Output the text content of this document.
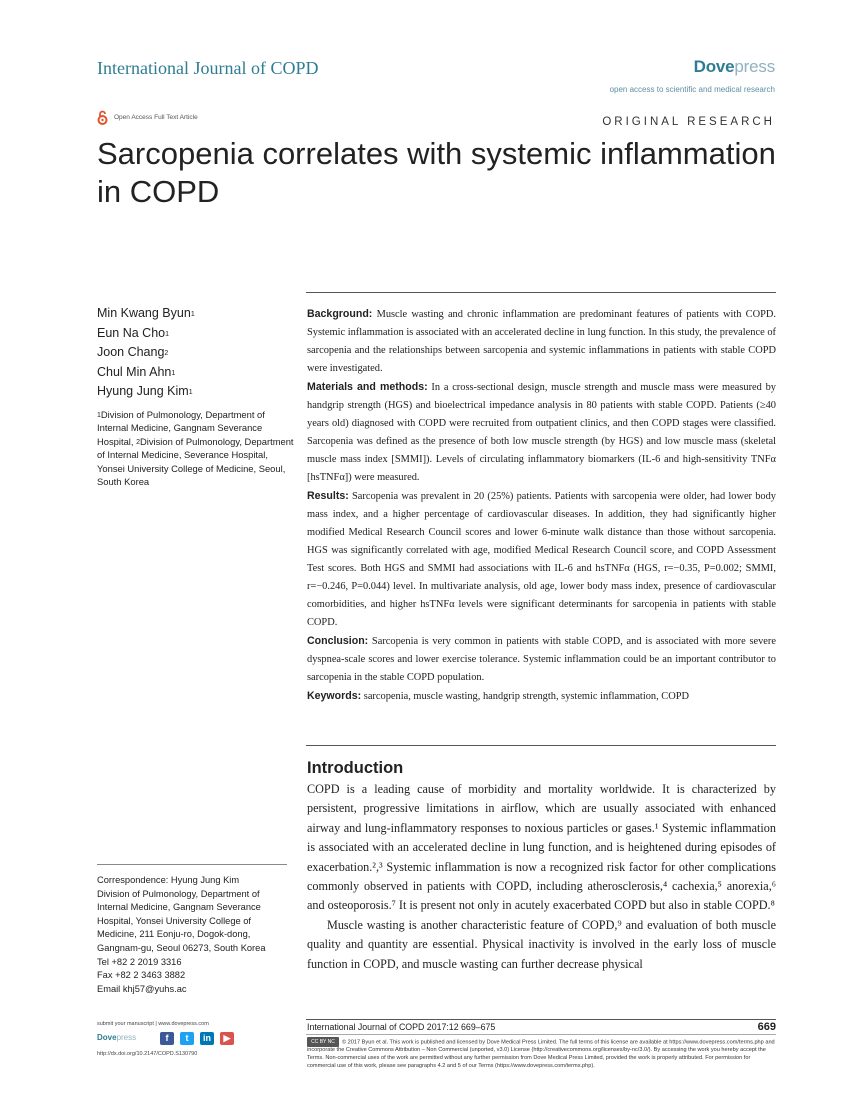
International Journal of COPD	Dovepress
open access to scientific and medical research
Open Access Full Text Article	ORIGINAL RESEARCH
Sarcopenia correlates with systemic inflammation in COPD
Min Kwang Byun$^1$
Eun Na Cho$^1$
Joon Chang$^2$
Chul Min Ahn$^1$
Hyung Jung Kim$^1$
$^1$Division of Pulmonology, Department of Internal Medicine, Gangnam Severance Hospital, $^2$Division of Pulmonology, Department of Internal Medicine, Severance Hospital, Yonsei University College of Medicine, Seoul, South Korea
Correspondence: Hyung Jung Kim
Division of Pulmonology, Department of
Internal Medicine, Gangnam Severance
Hospital, Yonsei University College of
Medicine, 211 Eonju-ro, Dogok-dong,
Gangnam-gu, Seoul 06273, South Korea
Tel +82 2 2019 3316
Fax +82 2 3463 3882
Email khj57@yuhs.ac

Background: Muscle wasting and chronic inflammation are predominant features of patients with COPD. Systemic inflammation is associated with an accelerated decline in lung function. In this study, the prevalence of sarcopenia and the relationships between sarcopenia and systemic inflammations in patients with stable COPD were investigated.

Materials and methods: In a cross-sectional design, muscle strength and muscle mass were measured by handgrip strength (HGS) and bioelectrical impedance analysis in 80 patients with stable COPD. Patients (≥40 years old) diagnosed with COPD were recruited from outpatient clinics, and then COPD stages were classified. Sarcopenia was defined as the presence of both low muscle strength (by HGS) and low muscle mass (skeletal muscle mass index [SMMI]). Levels of circulating inflammatory biomarkers (IL-6 and high-sensitivity TNFα [hsTNFα]) were measured.

Results: Sarcopenia was prevalent in 20 (25%) patients. Patients with sarcopenia were older, had lower body mass index, and a higher percentage of cardiovascular diseases. In addition, they had significantly higher modified Medical Research Council scores and lower 6-minute walk distance than those without sarcopenia. HGS was significantly correlated with age, modified Medical Research Council score, and COPD Assessment Test scores. Both HGS and SMMI had associations with IL-6 and hsTNFα (HGS, r=−0.35, P=0.002; SMMI, r=−0.246, P=0.044) level. In multivariate analysis, old age, lower body mass index, presence of cardiovascular comorbidities, and higher hsTNFα levels were significant determinants for sarcopenia in patients with stable COPD.

Conclusion: Sarcopenia is very common in patients with stable COPD, and is associated with more severe dyspnea-scale scores and lower exercise tolerance. Systemic inflammation could be an important contributor to sarcopenia in the stable COPD population.

Keywords: sarcopenia, muscle wasting, handgrip strength, systemic inflammation, COPD

Introduction

COPD is a leading cause of morbidity and mortality worldwide. It is characterized by persistent, progressive limitations in airflow, which are usually associated with enhanced airway and lung-inflammatory responses to noxious particles or gases.¹ Systemic inflammation is associated with an accelerated decline in lung function, and is heightened during episodes of exacerbation.²,³ Systemic inflammation is now a recognized risk factor for other complications commonly observed in patients with COPD, including atherosclerosis,⁴ cachexia,⁵ anorexia,⁶ and osteoporosis.⁷ It is present not only in acutely exacerbated COPD but also in stable COPD.⁸

Muscle wasting is another characteristic feature of COPD,⁹ and evaluation of both muscle quality and quantity are essential. Physical inactivity is involved in the early loss of muscle function in COPD, and muscle wasting can further decrease physical

submit your manuscript | www.dovepress.com
Dovepress	f	t	in	▶
http://dx.doi.org/10.2147/COPD.S130790
International Journal of COPD 2017:12 669–675	669
CC BY NC © 2017 Byun et al. This work is published and licensed by Dove Medical Press Limited. The full terms of this license are available at https://www.dovepress.com/terms.php and incorporate the Creative Commons Attribution – Non Commercial (unported, v3.0) License (http://creativecommons.org/licenses/by-nc/3.0/). By accessing the work you hereby accept the Terms. Non-commercial uses of the work are permitted without any further permission from Dove Medical Press Limited, provided the work is properly attributed. For permission for commercial use of this work, please see paragraphs 4.2 and 5 of our Terms (https://www.dovepress.com/terms.php).
